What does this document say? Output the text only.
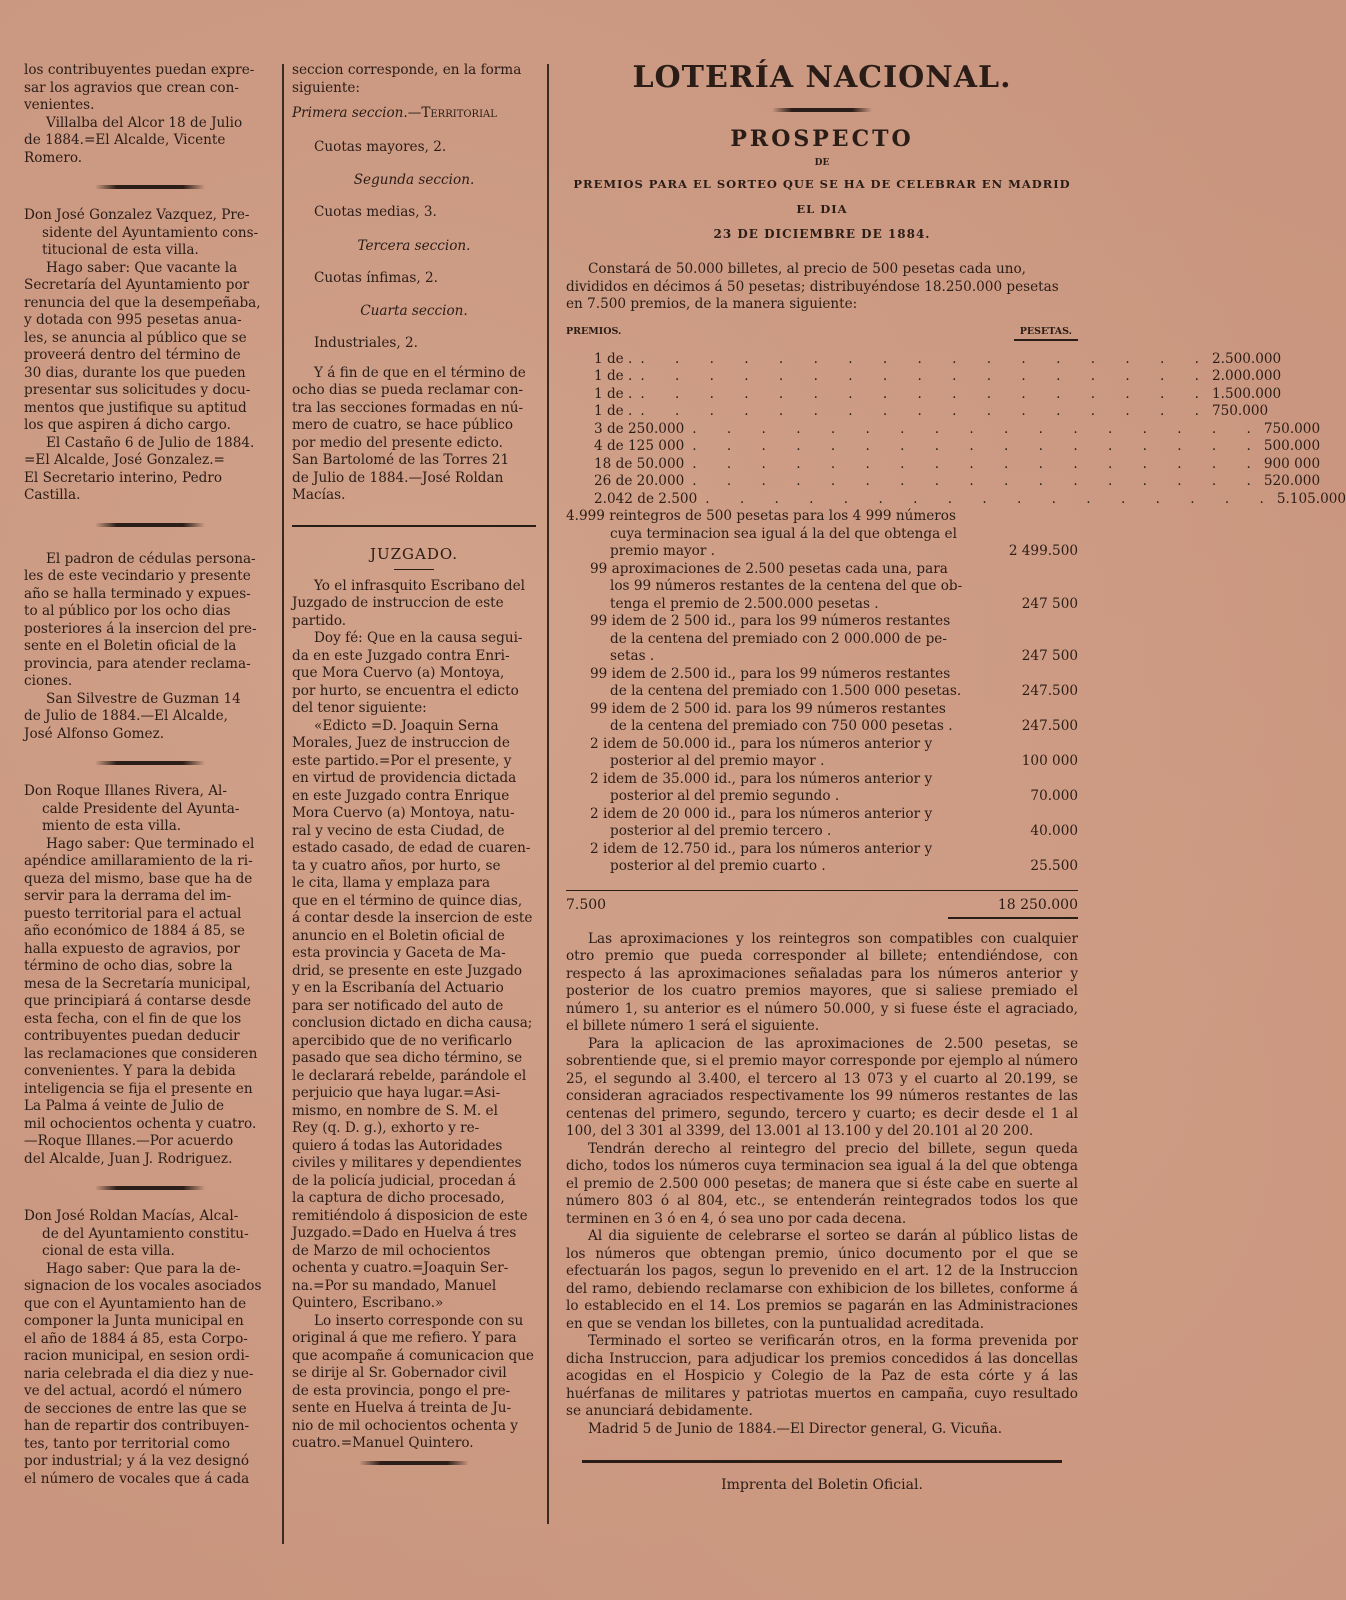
los contribuyentes puedan expre-

sar los agravios que crean con-

venientes.

Villalba del Alcor 18 de Julio

de 1884.=El Alcalde, Vicente

Romero.

Don José Gonzalez Vazquez, Pre-

sidente del Ayuntamiento cons-

titucional de esta villa.

Hago saber: Que vacante la

Secretaría del Ayuntamiento por

renuncia del que la desempeñaba,

y dotada con 995 pesetas anua-

les, se anuncia al público que se

proveerá dentro del término de

30 dias, durante los que pueden

presentar sus solicitudes y docu-

mentos que justifique su aptitud

los que aspiren á dicho cargo.

El Castaño 6 de Julio de 1884.

=El Alcalde, José Gonzalez.=

El Secretario interino, Pedro

Castilla.

El padron de cédulas persona-

les de este vecindario y presente

año se halla terminado y expues-

to al público por los ocho dias

posteriores á la insercion del pre-

sente en el Boletin oficial de la

provincia, para atender reclama-

ciones.

San Silvestre de Guzman 14

de Julio de 1884.—El Alcalde,

José Alfonso Gomez.

Don Roque Illanes Rivera, Al-

calde Presidente del Ayunta-

miento de esta villa.

Hago saber: Que terminado el

apéndice amillaramiento de la ri-

queza del mismo, base que ha de

servir para la derrama del im-

puesto territorial para el actual

año económico de 1884 á 85, se

halla expuesto de agravios, por

término de ocho dias, sobre la

mesa de la Secretaría municipal,

que principiará á contarse desde

esta fecha, con el fin de que los

contribuyentes puedan deducir

las reclamaciones que consideren

convenientes. Y para la debida

inteligencia se fija el presente en

La Palma á veinte de Julio de

mil ochocientos ochenta y cuatro.

—Roque Illanes.—Por acuerdo

del Alcalde, Juan J. Rodriguez.

Don José Roldan Macías, Alcal-

de del Ayuntamiento constitu-

cional de esta villa.

Hago saber: Que para la de-

signacion de los vocales asociados

que con el Ayuntamiento han de

componer la Junta municipal en

el año de 1884 á 85, esta Corpo-

racion municipal, en sesion ordi-

naria celebrada el dia diez y nue-

ve del actual, acordó el número

de secciones de entre las que se

han de repartir dos contribuyen-

tes, tanto por territorial como

por industrial; y á la vez designó

el número de vocales que á cada

seccion corresponde, en la forma

siguiente:

Primera seccion.—Territorial

Cuotas mayores, 2.

Segunda seccion.

Cuotas medias, 3.

Tercera seccion.

Cuotas ínfimas, 2.

Cuarta seccion.

Industriales, 2.

Y á fin de que en el término de

ocho dias se pueda reclamar con-

tra las secciones formadas en nú-

mero de cuatro, se hace público

por medio del presente edicto.

San Bartolomé de las Torres 21

de Julio de 1884.—José Roldan

Macías.

JUZGADO.

Yo el infrasquito Escribano del

Juzgado de instruccion de este

partido.

Doy fé: Que en la causa segui-

da en este Juzgado contra Enri-

que Mora Cuervo (a) Montoya,

por hurto, se encuentra el edicto

del tenor siguiente:

«Edicto =D. Joaquin Serna

Morales, Juez de instruccion de

este partido.=Por el presente, y

en virtud de providencia dictada

en este Juzgado contra Enrique

Mora Cuervo (a) Montoya, natu-

ral y vecino de esta Ciudad, de

estado casado, de edad de cuaren-

ta y cuatro años, por hurto, se

le cita, llama y emplaza para

que en el término de quince dias,

á contar desde la insercion de este

anuncio en el Boletin oficial de

esta provincia y Gaceta de Ma-

drid, se presente en este Juzgado

y en la Escribanía del Actuario

para ser notificado del auto de

conclusion dictado en dicha causa;

apercibido que de no verificarlo

pasado que sea dicho término, se

le declarará rebelde, parándole el

perjuicio que haya lugar.=Asi-

mismo, en nombre de S. M. el

Rey (q. D. g.), exhorto y re-

quiero á todas las Autoridades

civiles y militares y dependientes

de la policía judicial, procedan á

la captura de dicho procesado,

remitiéndolo á disposicion de este

Juzgado.=Dado en Huelva á tres

de Marzo de mil ochocientos

ochenta y cuatro.=Joaquin Ser-

na.=Por su mandado, Manuel

Quintero, Escribano.»

Lo inserto corresponde con su

original á que me refiero. Y para

que acompañe á comunicacion que

se dirije al Sr. Gobernador civil

de esta provincia, pongo el pre-

sente en Huelva á treinta de Ju-

nio de mil ochocientos ochenta y

cuatro.=Manuel Quintero.

LOTERÍA NACIONAL.

PROSPECTO

DE

PREMIOS PARA EL SORTEO QUE SE HA DE CELEBRAR EN MADRID EL DIA

23 DE DICIEMBRE DE 1884.

Constará de 50.000 billetes, al precio de 500 pesetas cada uno,

divididos en décimos á 50 pesetas; distribuyéndose 18.250.000 pesetas

en 7.500 premios, de la manera siguiente:

PREMIOS.	PESETAS.
1 de . . . . . . . . . . . . . . . . . . 2.500.000
1 de . . . . . . . . . . . . . . . . . . 2.000.000
1 de . . . . . . . . . . . . . . . . . . 1.500.000
1 de . . . . . . . . . . . . . . . . . . 750.000
3 de 250.000 . . . . . . . . . . . . . . . . . 750.000
4 de 125 000 . . . . . . . . . . . . . . . . . 500.000
18 de 50.000 . . . . . . . . . . . . . . . . . 900 000
26 de 20.000 . . . . . . . . . . . . . . . . . 520.000
2.042 de 2.500 . . . . . . . . . . . . . . . . . 5.105.000
4.999 reintegros de 500 pesetas para los 4 999 números
cuya terminacion sea igual á la del que obtenga el
premio mayor .	2 499.500
99 aproximaciones de 2.500 pesetas cada una, para
los 99 números restantes de la centena del que ob-
tenga el premio de 2.500.000 pesetas .	247 500
99 idem de 2 500 id., para los 99 números restantes
de la centena del premiado con 2 000.000 de pe-
setas .	247 500
99 idem de 2.500 id., para los 99 números restantes
de la centena del premiado con 1.500 000 pesetas.	247.500
99 idem de 2 500 id. para los 99 números restantes
de la centena del premiado con 750 000 pesetas .	247.500
2 idem de 50.000 id., para los números anterior y
posterior al del premio mayor .	100 000
2 idem de 35.000 id., para los números anterior y
posterior al del premio segundo .	70.000
2 idem de 20 000 id., para los números anterior y
posterior al del premio tercero .	40.000
2 idem de 12.750 id., para los números anterior y
posterior al del premio cuarto .	25.500
7.500	18 250.000

Las aproximaciones y los reintegros son compatibles con cualquier otro premio que pueda corresponder al billete; entendiéndose, con respecto á las aproximaciones señaladas para los números anterior y posterior de los cuatro premios mayores, que si saliese premiado el número 1, su anterior es el número 50.000, y si fuese éste el agraciado, el billete número 1 será el siguiente.

Para la aplicacion de las aproximaciones de 2.500 pesetas, se sobrentiende que, si el premio mayor corresponde por ejemplo al número 25, el segundo al 3.400, el tercero al 13 073 y el cuarto al 20.199, se consideran agraciados respectivamente los 99 números restantes de las centenas del primero, segundo, tercero y cuarto; es decir desde el 1 al 100, del 3 301 al 3399, del 13.001 al 13.100 y del 20.101 al 20 200.

Tendrán derecho al reintegro del precio del billete, segun queda dicho, todos los números cuya terminacion sea igual á la del que obtenga el premio de 2.500 000 pesetas; de manera que si éste cabe en suerte al número 803 ó al 804, etc., se entenderán reintegrados todos los que terminen en 3 ó en 4, ó sea uno por cada decena.

Al dia siguiente de celebrarse el sorteo se darán al público listas de los números que obtengan premio, único documento por el que se efectuarán los pagos, segun lo prevenido en el art. 12 de la Instruccion del ramo, debiendo reclamarse con exhibicion de los billetes, conforme á lo establecido en el 14. Los premios se pagarán en las Administraciones en que se vendan los billetes, con la puntualidad acreditada.

Terminado el sorteo se verificarán otros, en la forma prevenida por dicha Instruccion, para adjudicar los premios concedidos á las doncellas acogidas en el Hospicio y Colegio de la Paz de esta córte y á las huérfanas de militares y patriotas muertos en campaña, cuyo resultado se anunciará debidamente.

Madrid 5 de Junio de 1884.—El Director general, G. Vicuña.

Imprenta del Boletin Oficial.
